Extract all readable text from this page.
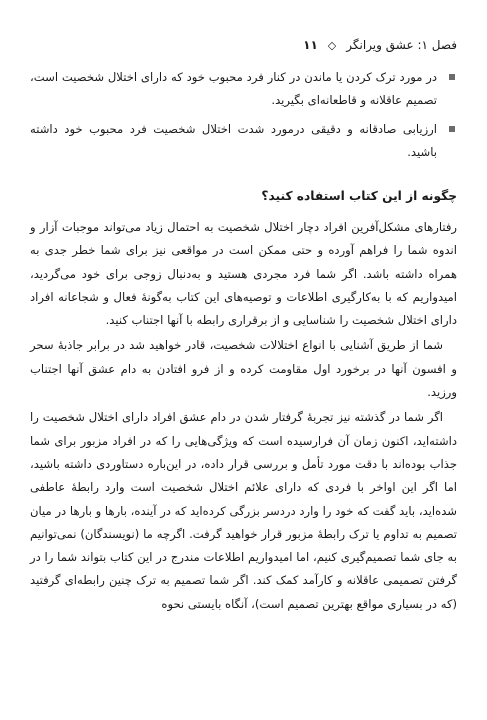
فصل ۱: عشق ویرانگر
◇
۱۱
در مورد ترک کردن یا ماندن در کنار فرد محبوب خود که دارای اختلال شخصیت است، تصمیم عاقلانه و قاطعانه‌ای بگیرید.
ارزیابی صادقانه و دقیقی درمورد شدت اختلال شخصیت فرد محبوب خود داشته باشید.
چگونه از این کتاب استفاده کنید؟

رفتارهای مشکل‌آفرین افراد دچار اختلال شخصیت به احتمال زیاد می‌تواند موجبات آزار و اندوه شما را فراهم آورده و حتی ممکن است در مواقعی نیز برای شما خطر جدی به همراه داشته باشد. اگر شما فرد مجردی هستید و به‌دنبال زوجی برای خود می‌گردید، امیدواریم که با به‌کارگیری اطلاعات و توصیه‌های این کتاب به‌گونهٔ فعال و شجاعانه افراد دارای اختلال شخصیت را شناسایی و از برقراری رابطه با آنها اجتناب کنید.

شما از طریق آشنایی با انواع اختلالات شخصیت، قادر خواهید شد در برابر جاذبهٔ سحر و افسون آنها در برخورد اول مقاومت کرده و از فرو افتادن به دام عشق آنها اجتناب ورزید.

اگر شما در گذشته نیز تجربهٔ گرفتار شدن در دام عشق افراد دارای اختلال شخصیت را داشته‌اید، اکنون زمان آن فرارسیده است که ویژگی‌هایی را که در افراد مزبور برای شما جذاب بوده‌اند با دقت مورد تأمل و بررسی قرار داده، در این‌باره دستاوردی داشته باشید، اما اگر این اواخر با فردی که دارای علائم اختلال شخصیت است وارد رابطهٔ عاطفی شده‌اید، باید گفت که خود را وارد دردسر بزرگی کرده‌اید که در آینده، بارها و بارها در میان تصمیم به تداوم یا ترک رابطهٔ مزبور قرار خواهید گرفت. اگرچه ما (نویسندگان) نمی‌توانیم به جای شما تصمیم‌گیری کنیم، اما امیدواریم اطلاعات مندرج در این کتاب بتواند شما را در گرفتن تصمیمی عاقلانه و کارآمد کمک کند. اگر شما تصمیم به ترک چنین رابطه‌ای گرفتید (که در بسیاری مواقع بهترین تصمیم است)، آنگاه بایستی نحوه
